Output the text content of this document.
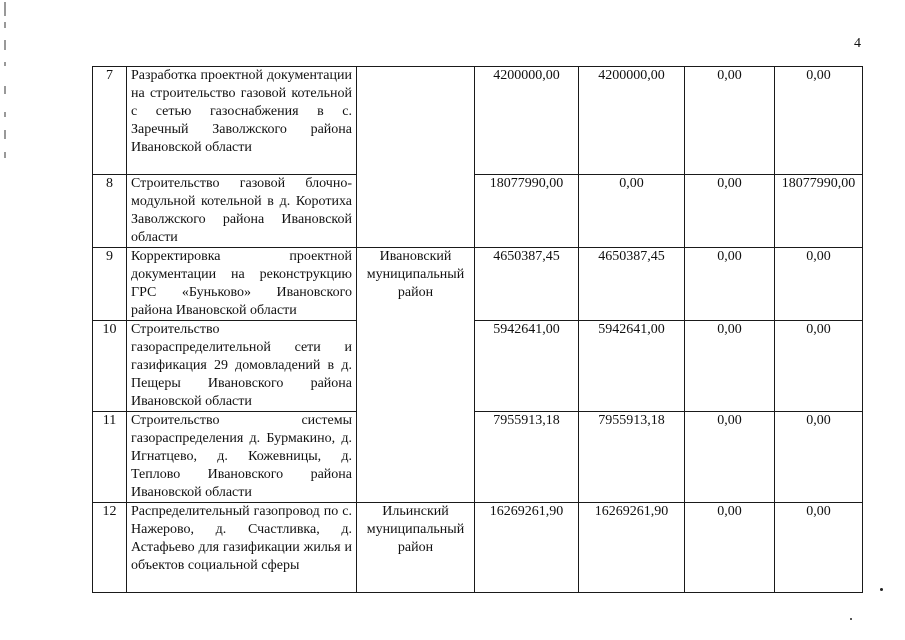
4
7	Разработка проектной документации на строительство газовой котельной с сетью газоснабжения в с. Заречный Заволжского района Ивановской области		4200000,00	4200000,00	0,00	0,00
8	Строительство газовой блочно-модульной котельной в д. Коротиха Заволжского района Ивановской области		18077990,00	0,00	0,00	18077990,00
9	Корректировка проектной документации на реконструкцию ГРС «Буньково» Ивановского района Ивановской области	Ивановский муниципальный район	4650387,45	4650387,45	0,00	0,00
10	Строительство газораспределительной сети и газификация 29 домовладений в д. Пещеры Ивановского района Ивановской области		5942641,00	5942641,00	0,00	0,00
11	Строительство системы газораспределения д. Бурмакино, д. Игнатцево, д. Кожевницы, д. Теплово Ивановского района Ивановской области		7955913,18	7955913,18	0,00	0,00
12	Распределительный газопровод по с. Нажерово, д. Счастливка, д. Астафьево для газификации жилья и объектов социальной сферы	Ильинский муниципальный район	16269261,90	16269261,90	0,00	0,00
